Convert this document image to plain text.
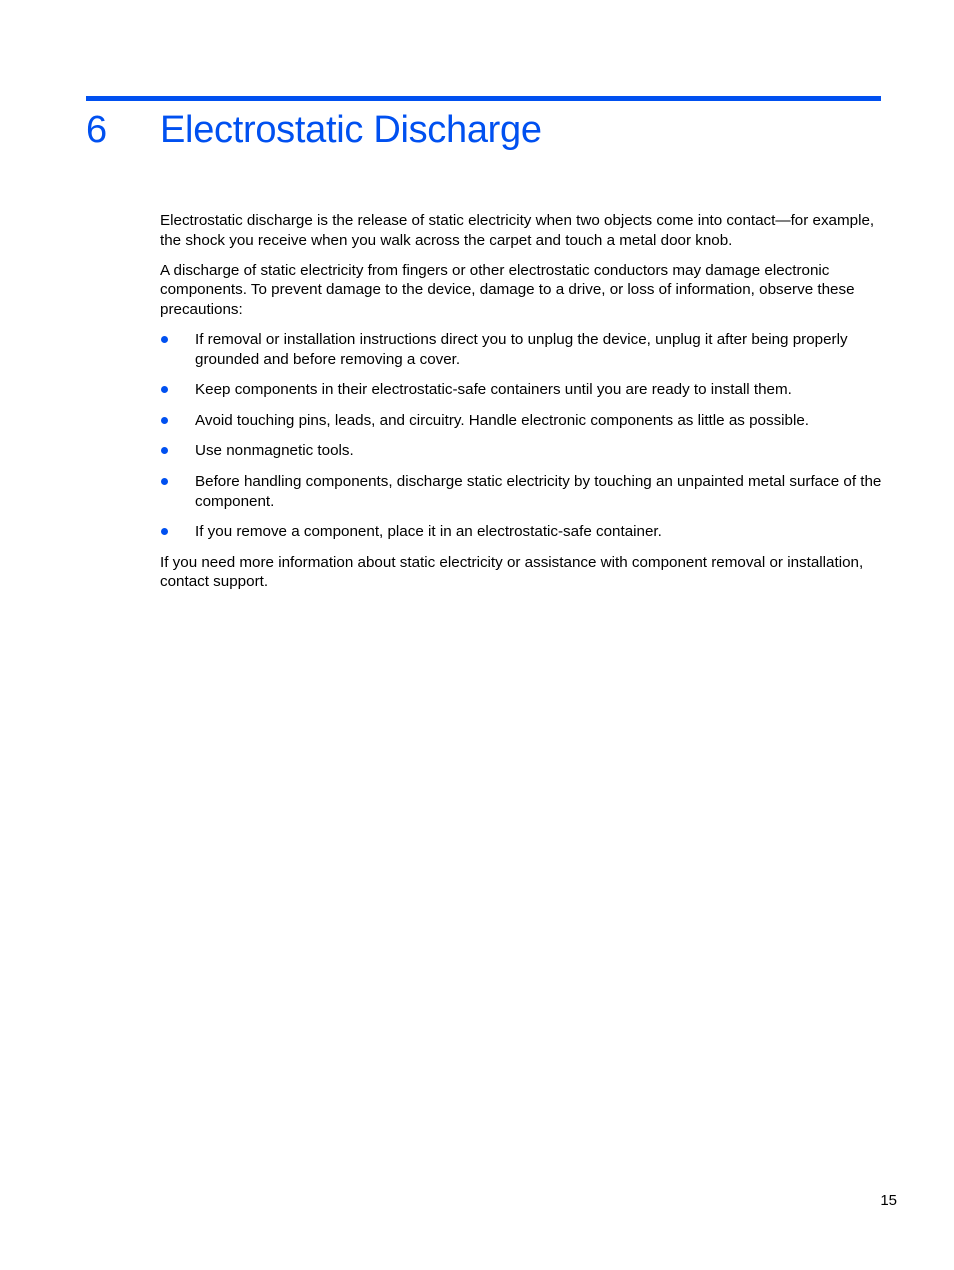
6	Electrostatic Discharge

Electrostatic discharge is the release of static electricity when two objects come into contact—for example, the shock you receive when you walk across the carpet and touch a metal door knob.

A discharge of static electricity from fingers or other electrostatic conductors may damage electronic components. To prevent damage to the device, damage to a drive, or loss of information, observe these precautions:

If removal or installation instructions direct you to unplug the device, unplug it after being properly grounded and before removing a cover.
Keep components in their electrostatic-safe containers until you are ready to install them.
Avoid touching pins, leads, and circuitry. Handle electronic components as little as possible.
Use nonmagnetic tools.
Before handling components, discharge static electricity by touching an unpainted metal surface of the component.
If you remove a component, place it in an electrostatic-safe container.

If you need more information about static electricity or assistance with component removal or installation, contact support.

15
